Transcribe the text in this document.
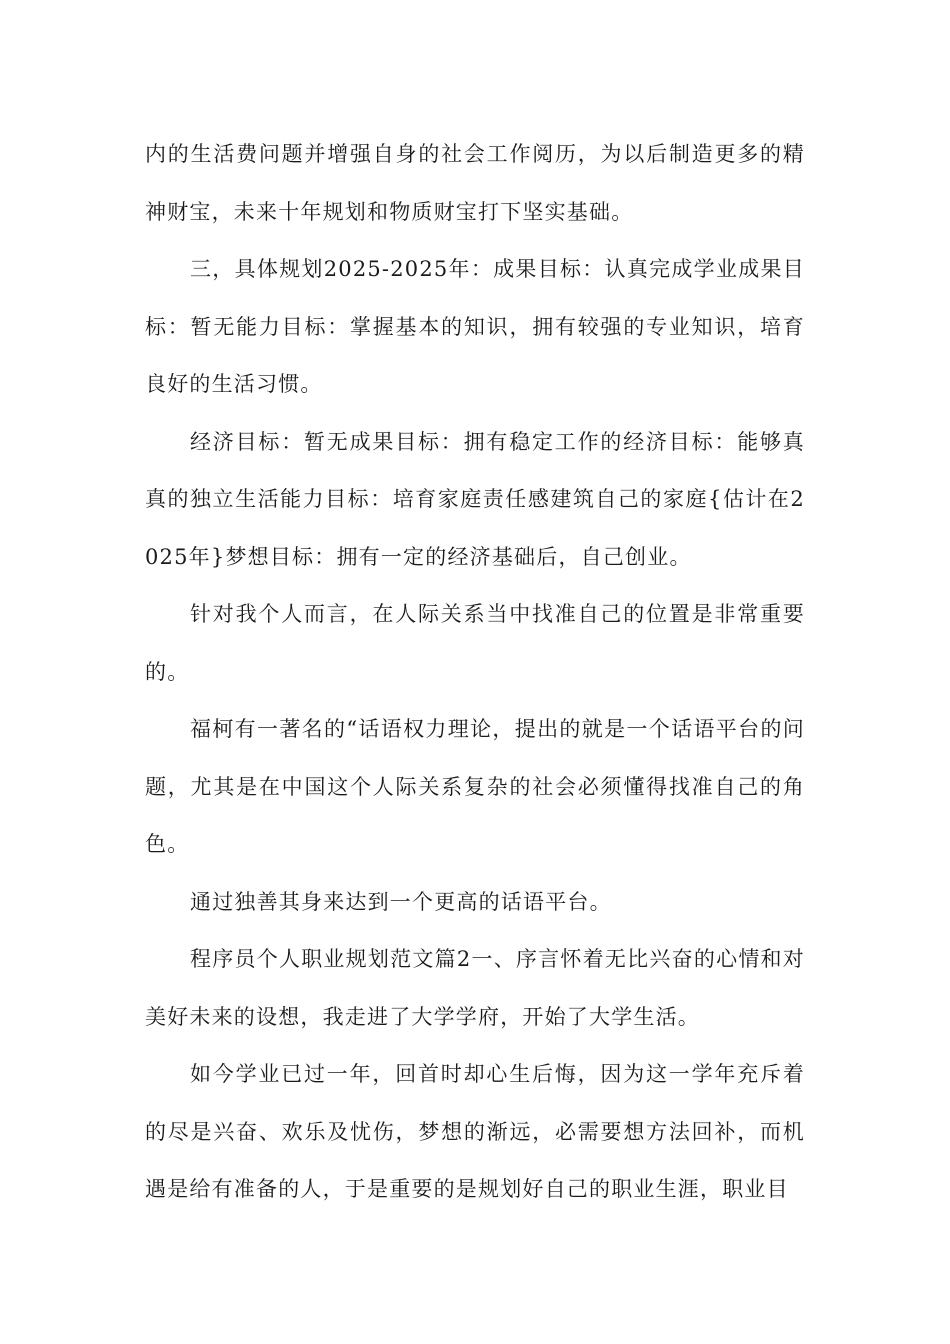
内的生活费问题并增强自身的社会工作阅历，为以后制造更多的精神财宝，未来十年规划和物质财宝打下坚实基础。

三，具体规划2025-2025年：成果目标：认真完成学业成果目标：暂无能力目标：掌握基本的知识，拥有较强的专业知识，培育良好的生活习惯。

经济目标：暂无成果目标：拥有稳定工作的经济目标：能够真真的独立生活能力目标：培育家庭责任感建筑自己的家庭{估计在2025年}梦想目标：拥有一定的经济基础后，自己创业。

针对我个人而言，在人际关系当中找准自己的位置是非常重要的。

福柯有一著名的“话语权力理论，提出的就是一个话语平台的问题，尤其是在中国这个人际关系复杂的社会必须懂得找准自己的角色。

通过独善其身来达到一个更高的话语平台。

程序员个人职业规划范文篇2一、序言怀着无比兴奋的心情和对美好未来的设想，我走进了大学学府，开始了大学生活。

如今学业已过一年，回首时却心生后悔，因为这一学年充斥着的尽是兴奋、欢乐及忧伤，梦想的渐远，必需要想方法回补，而机遇是给有准备的人，于是重要的是规划好自己的职业生涯，职业目
